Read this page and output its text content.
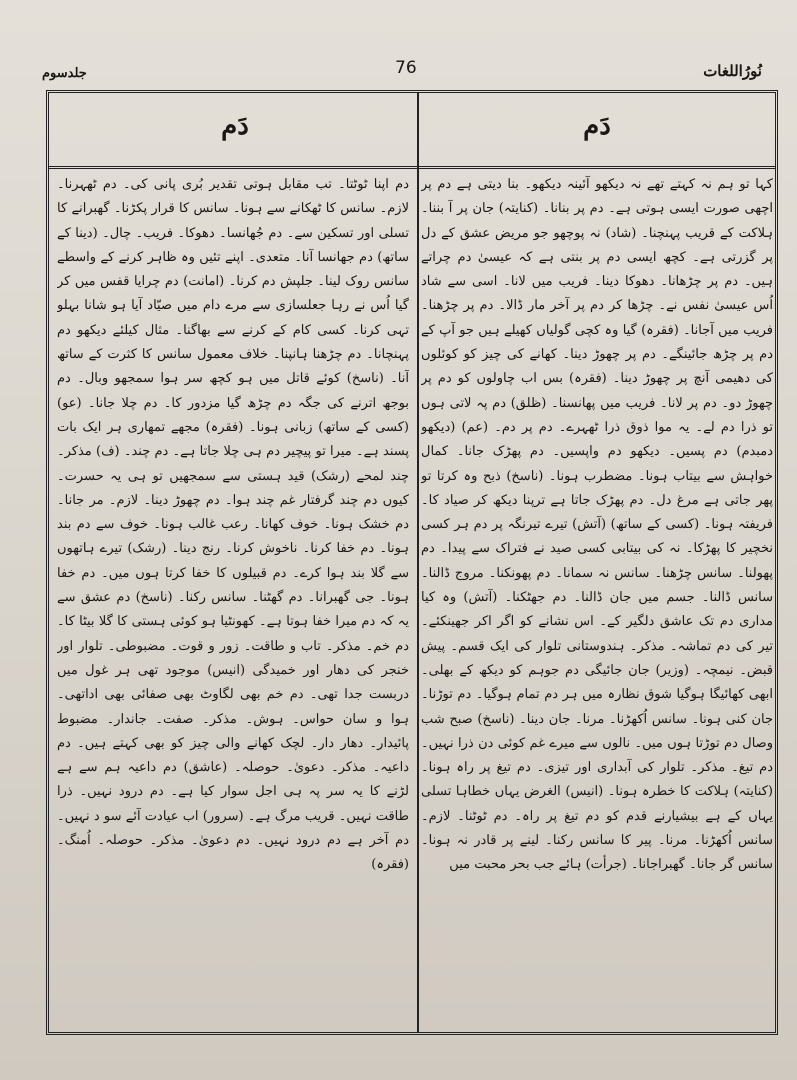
نُورُاللغات
76
جلدسوم
دَم
دَم

کہا تو ہم نہ کہتے تھے نہ دیکھو آئینہ دیکھو۔ بنا دیتی ہے دم پر اچھی صورت ایسی ہوتی ہے۔ دم پر بنانا۔ (کنایتہ) جان پر آ بننا۔ ہلاکت کے قریب پہنچنا۔ (شاد) نہ پوچھو جو مریض عشق کے دل پر گزرتی ہے۔ کچھ ایسی دم پر بنتی ہے کہ عیسیٰ دم چراتے ہیں۔ دم پر چڑھانا۔ دھوکا دینا۔ فریب میں لانا۔ اسی سے شاد اُس عیسیٰ نفس نے۔ چڑھا کر دم پر آخر مار ڈالا۔ دم پر چڑھنا۔ فریب میں آجانا۔ (فقرہ) گیا وہ کچی گولیاں کھیلے ہیں جو آپ کے دم پر چڑھ جائینگے۔ دم پر چھوڑ دینا۔ کھانے کی چیز کو کوئلوں کی دھیمی آنچ پر چھوڑ دینا۔ (فقرہ) بس اب چاولوں کو دم پر چھوڑ دو۔ دم پر لانا۔ فریب میں پھانسنا۔ (ظلق) دم پہ لاتی ہوں تو ذرا دم لے۔ یہ موا ذوق ذرا ٹھہرے۔ دم پر دم۔ (عم) (دیکھو دمبدم) دم پسیں۔ دیکھو دم واپسیں۔ دم پھڑک جانا۔ کمال خواہش سے بیتاب ہونا۔ مضطرب ہونا۔ (ناسخ) ذبح وہ کرتا تو پھر جاتی ہے مرغ دل۔ دم پھڑک جاتا ہے ترپنا دیکھ کر صیاد کا۔ فریفتہ ہونا۔ (کسی کے ساتھ) (آتش) تیرے تیرنگہ پر دم ہر کسی نخچیر کا پھڑکا۔ نہ کی بیتابی کسی صید نے فتراک سے پیدا۔ دم پھولنا۔ سانس چڑھنا۔ سانس نہ سمانا۔ دم پھونکنا۔ مروج ڈالنا۔ سانس ڈالنا۔ جسم میں جان ڈالنا۔ دم جھٹکنا۔ (آتش) وہ کیا مداری دم تک عاشق دلگیر کے۔ اس نشانے کو اگر اکر جھینکئے۔ تیر کی دم تماشہ۔ مذکر۔ ہندوستانی تلوار کی ایک قسم۔ پیش قبض۔ نیمچہ۔ (وزیر) جان جائیگی دم جوہم کو دیکھ کے بھلی۔ ابھی کھائیگا ہوگیا شوق نظارہ میں ہر دم تمام ہوگیا۔ دم توڑنا۔ جان کنی ہونا۔ سانس اُکھڑنا۔ مرنا۔ جان دینا۔ (ناسخ) صبح شب وصال دم توڑتا ہوں میں۔ نالوں سے میرے غم کوئی دن ذرا نہیں۔ دم تیغ۔ مذکر۔ تلوار کی آبداری اور تیزی۔ دم تیغ پر راہ ہونا۔ (کنایتہ) ہلاکت کا خطرہ ہونا۔ (انیس) الغرض یہاں خطاہا تسلی یہاں کے ہے بیشیارنے قدم کو دم تیغ پر راہ۔ دم ٹوٹنا۔ لازم۔ سانس اُکھڑنا۔ مرنا۔ پیر کا سانس رکنا۔ لینے پر قادر نہ ہونا۔ سانس گر جانا۔ گھبراجانا۔ (جرأت) ہائے جب بحر محبت میں

دم اپنا ٹوٹتا۔ تب مقابل ہوتی تقدیر بُری پانی کی۔ دم ٹھہرنا۔ لازم۔ سانس کا ٹھکانے سے ہونا۔ سانس کا قرار پکڑنا۔ گھبرانے کا تسلی اور تسکین سے۔ دم جُھانسا۔ دھوکا۔ فریب۔ چال۔ (دینا کے ساتھ) دم جھانسا آنا۔ متعدی۔ اپنے تئیں وہ ظاہر کرنے کے واسطے سانس روک لینا۔ جلپش دم کرنا۔ (امانت) دم چرایا قفس میں کر گیا اُس نے رہا جعلسازی سے مرے دام میں صیّاد آیا ہو شانا بہلو تہی کرنا۔ کسی کام کے کرنے سے بھاگنا۔ مثال کیلئے دیکھو دم پہنچانا۔ دم چڑھنا ہانپنا۔ خلاف معمول سانس کا کثرت کے ساتھ آنا۔ (ناسخ) کوئے قاتل میں ہو کچھ سر ہوا سمجھو وبال۔ دم بوجھ اترنے کی جگہ دم چڑھ گیا مزدور کا۔ دم چلا جانا۔ (عو) (کسی کے ساتھ) زبانی ہونا۔ (فقرہ) مجھے تمھاری ہر ایک بات پسند ہے۔ میرا تو پیچیر دم ہی چلا جاتا ہے۔ دم چند۔ (ف) مذکر۔ چند لمحے (رشک) قید ہستی سے سمجھیں تو ہی یہ حسرت۔ کیوں دم چند گرفتار غم چند ہوا۔ دم چھوڑ دینا۔ لازم۔ مر جانا۔ دم خشک ہونا۔ خوف کھانا۔ رعب غالب ہونا۔ خوف سے دم بند ہونا۔ دم خفا کرنا۔ ناخوش کرنا۔ رنج دینا۔ (رشک) تیرے ہاتھوں سے گلا بند ہوا کرے۔ دم قبیلوں کا خفا کرتا ہوں میں۔ دم خفا ہونا۔ جی گھبرانا۔ دم گھٹنا۔ سانس رکنا۔ (ناسخ) دم عشق سے یہ کہ دم میرا خفا ہوتا ہے۔ کھونٹیا ہو کوئی ہستی کا گلا بیٹا کا۔ دم خم۔ مذکر۔ تاب و طاقت۔ زور و قوت۔ مضبوطی۔ تلوار اور خنجر کی دھار اور خمیدگی (انیس) موجود تھی ہر غول میں دربست جدا تھی۔ دم خم بھی لگاوٹ بھی صفائی بھی اداتھی۔ ہوا و سان حواس۔ ہوش۔ مذکر۔ صفت۔ جاندار۔ مضبوط پائیدار۔ دھار دار۔ لچک کھانے والی چیز کو بھی کہتے ہیں۔ دم داعیہ۔ مذکر۔ دعویٰ۔ حوصلہ۔ (عاشق) دم داعیہ ہم سے ہے لڑنے کا یہ سر پہ ہی اجل سوار کیا ہے۔ دم درود نہیں۔ ذرا طاقت نہیں۔ قریب مرگ ہے۔ (سرور) اب عیادت آئے سو د نہیں۔ دم آخر ہے دم درود نہیں۔ دم دعویٰ۔ مذکر۔ حوصلہ۔ اُمنگ۔ (فقرہ)
